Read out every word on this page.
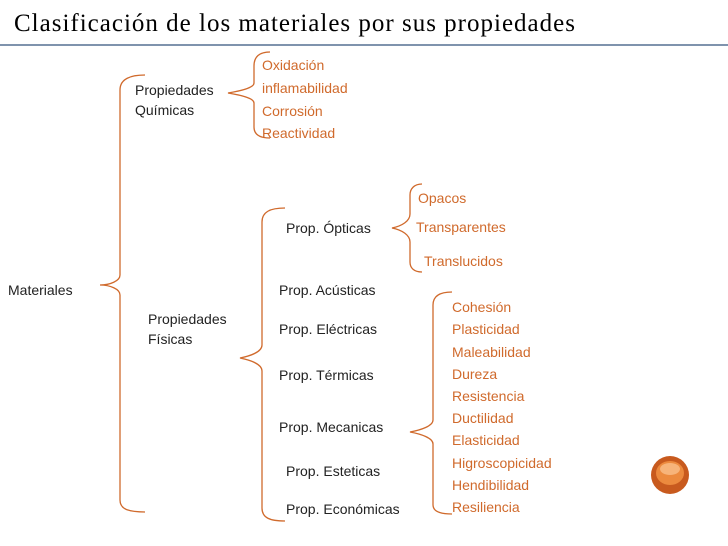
Clasificación de los materiales por sus propiedades
Materiales
Propiedades
Químicas
Oxidación
inflamabilidad
Corrosión
Reactividad
Propiedades
Físicas
Prop. Ópticas
Prop. Acústicas
Prop. Eléctricas
Prop. Térmicas
Prop. Mecanicas
Prop. Esteticas
Prop. Económicas
Opacos
Transparentes
Translucidos
Cohesión
Plasticidad
Maleabilidad
Dureza
Resistencia
Ductilidad
Elasticidad
Higroscopicidad
Hendibilidad
Resiliencia
